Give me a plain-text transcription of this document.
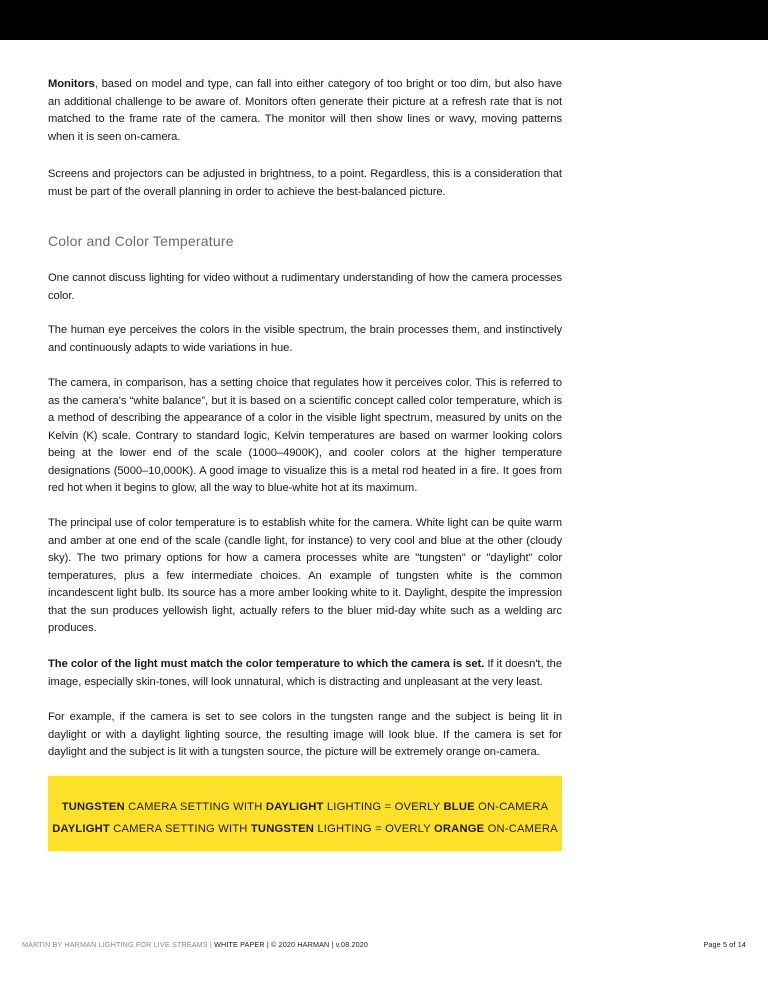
Monitors, based on model and type, can fall into either category of too bright or too dim, but also have an additional challenge to be aware of. Monitors often generate their picture at a refresh rate that is not matched to the frame rate of the camera. The monitor will then show lines or wavy, moving patterns when it is seen on-camera.

Screens and projectors can be adjusted in brightness, to a point. Regardless, this is a consideration that must be part of the overall planning in order to achieve the best-balanced picture.

Color and Color Temperature

One cannot discuss lighting for video without a rudimentary understanding of how the camera processes color.

The human eye perceives the colors in the visible spectrum, the brain processes them, and instinctively and continuously adapts to wide variations in hue.

The camera, in comparison, has a setting choice that regulates how it perceives color. This is referred to as the camera's “white balance”, but it is based on a scientific concept called color temperature, which is a method of describing the appearance of a color in the visible light spectrum, measured by units on the Kelvin (K) scale. Contrary to standard logic, Kelvin temperatures are based on warmer looking colors being at the lower end of the scale (1000–4900K), and cooler colors at the higher temperature designations (5000–10,000K). A good image to visualize this is a metal rod heated in a fire. It goes from red hot when it begins to glow, all the way to blue-white hot at its maximum.

The principal use of color temperature is to establish white for the camera. White light can be quite warm and amber at one end of the scale (candle light, for instance) to very cool and blue at the other (cloudy sky). The two primary options for how a camera processes white are "tungsten" or "daylight" color temperatures, plus a few intermediate choices. An example of tungsten white is the common incandescent light bulb. Its source has a more amber looking white to it. Daylight, despite the impression that the sun produces yellowish light, actually refers to the bluer mid-day white such as a welding arc produces.

The color of the light must match the color temperature to which the camera is set. If it doesn't, the image, especially skin-tones, will look unnatural, which is distracting and unpleasant at the very least.

For example, if the camera is set to see colors in the tungsten range and the subject is being lit in daylight or with a daylight lighting source, the resulting image will look blue. If the camera is set for daylight and the subject is lit with a tungsten source, the picture will be extremely orange on-camera.

TUNGSTEN CAMERA SETTING WITH DAYLIGHT LIGHTING = OVERLY BLUE ON-CAMERA
DAYLIGHT CAMERA SETTING WITH TUNGSTEN LIGHTING = OVERLY ORANGE ON-CAMERA
MARTIN BY HARMAN LIGHTING FOR LIVE STREAMS | WHITE PAPER | © 2020 HARMAN | v.08.2020	Page 5 of 14
